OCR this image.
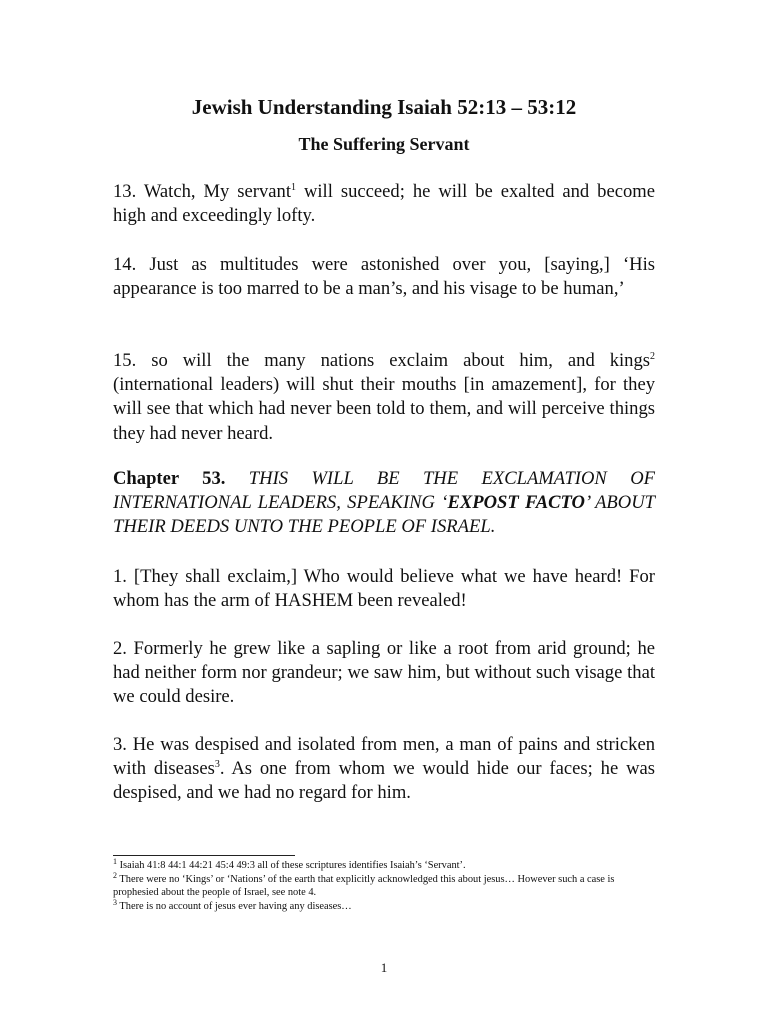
Jewish Understanding Isaiah 52:13 – 53:12
The Suffering Servant
13. Watch, My servant$^1$ will succeed; he will be exalted and become high and exceedingly lofty.
14. Just as multitudes were astonished over you, [saying,] ‘His appearance is too marred to be a man’s, and his visage to be human,’
15. so will the many nations exclaim about him, and kings$^2$ (international leaders) will shut their mouths [in amazement], for they will see that which had never been told to them, and will perceive things they had never heard.
Chapter 53. THIS WILL BE THE EXCLAMATION OF INTERNATIONAL LEADERS, SPEAKING ‘EXPOST FACTO’ ABOUT THEIR DEEDS UNTO THE PEOPLE OF ISRAEL.
1. [They shall exclaim,] Who would believe what we have heard! For whom has the arm of HASHEM been revealed!
2. Formerly he grew like a sapling or like a root from arid ground; he had neither form nor grandeur; we saw him, but without such visage that we could desire.
3. He was despised and isolated from men, a man of pains and stricken with diseases$^3$. As one from whom we would hide our faces; he was despised, and we had no regard for him.

$^1$ Isaiah 41:8 44:1 44:21 45:4 49:3 all of these scriptures identifies Isaiah’s ‘Servant’.

$^2$ There were no ‘Kings’ or ‘Nations’ of the earth that explicitly acknowledged this about jesus… However such a case is prophesied about the people of Israel, see note 4.

$^3$ There is no account of jesus ever having any diseases…

1
